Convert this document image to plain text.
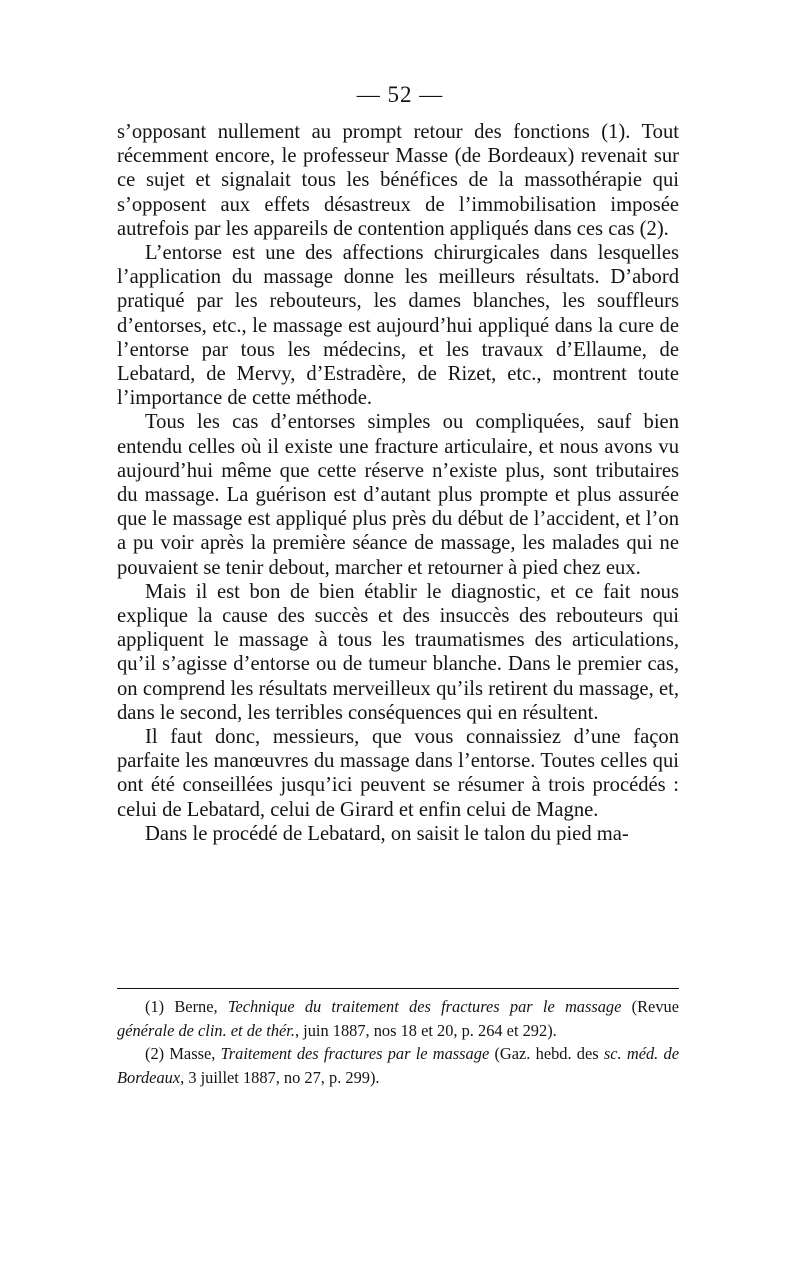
— 52 —

s’opposant nullement au prompt retour des fonctions (1). Tout récemment encore, le professeur Masse (de Bordeaux) revenait sur ce sujet et signalait tous les bénéfices de la massothérapie qui s’opposent aux effets désastreux de l’immobilisation imposée autrefois par les appareils de contention appliqués dans ces cas (2).

L’entorse est une des affections chirurgicales dans lesquelles l’application du massage donne les meilleurs résultats. D’abord pratiqué par les rebouteurs, les dames blanches, les souffleurs d’entorses, etc., le massage est aujourd’hui appliqué dans la cure de l’entorse par tous les médecins, et les travaux d’Ellaume, de Lebatard, de Mervy, d’Estradère, de Rizet, etc., montrent toute l’importance de cette méthode.

Tous les cas d’entorses simples ou compliquées, sauf bien entendu celles où il existe une fracture articulaire, et nous avons vu aujourd’hui même que cette réserve n’existe plus, sont tributaires du massage. La guérison est d’autant plus prompte et plus assurée que le massage est appliqué plus près du début de l’accident, et l’on a pu voir après la première séance de massage, les malades qui ne pouvaient se tenir debout, marcher et retourner à pied chez eux.

Mais il est bon de bien établir le diagnostic, et ce fait nous explique la cause des succès et des insuccès des rebouteurs qui appliquent le massage à tous les traumatismes des articulations, qu’il s’agisse d’entorse ou de tumeur blanche. Dans le premier cas, on comprend les résultats merveilleux qu’ils retirent du massage, et, dans le second, les terribles conséquences qui en résultent.

Il faut donc, messieurs, que vous connaissiez d’une façon parfaite les manœuvres du massage dans l’entorse. Toutes celles qui ont été conseillées jusqu’ici peuvent se résumer à trois procédés : celui de Lebatard, celui de Girard et enfin celui de Magne.

Dans le procédé de Lebatard, on saisit le talon du pied ma-

(1) Berne, Technique du traitement des fractures par le massage (Revue générale de clin. et de thér., juin 1887, nos 18 et 20, p. 264 et 292).

(2) Masse, Traitement des fractures par le massage (Gaz. hebd. des sc. méd. de Bordeaux, 3 juillet 1887, no 27, p. 299).
